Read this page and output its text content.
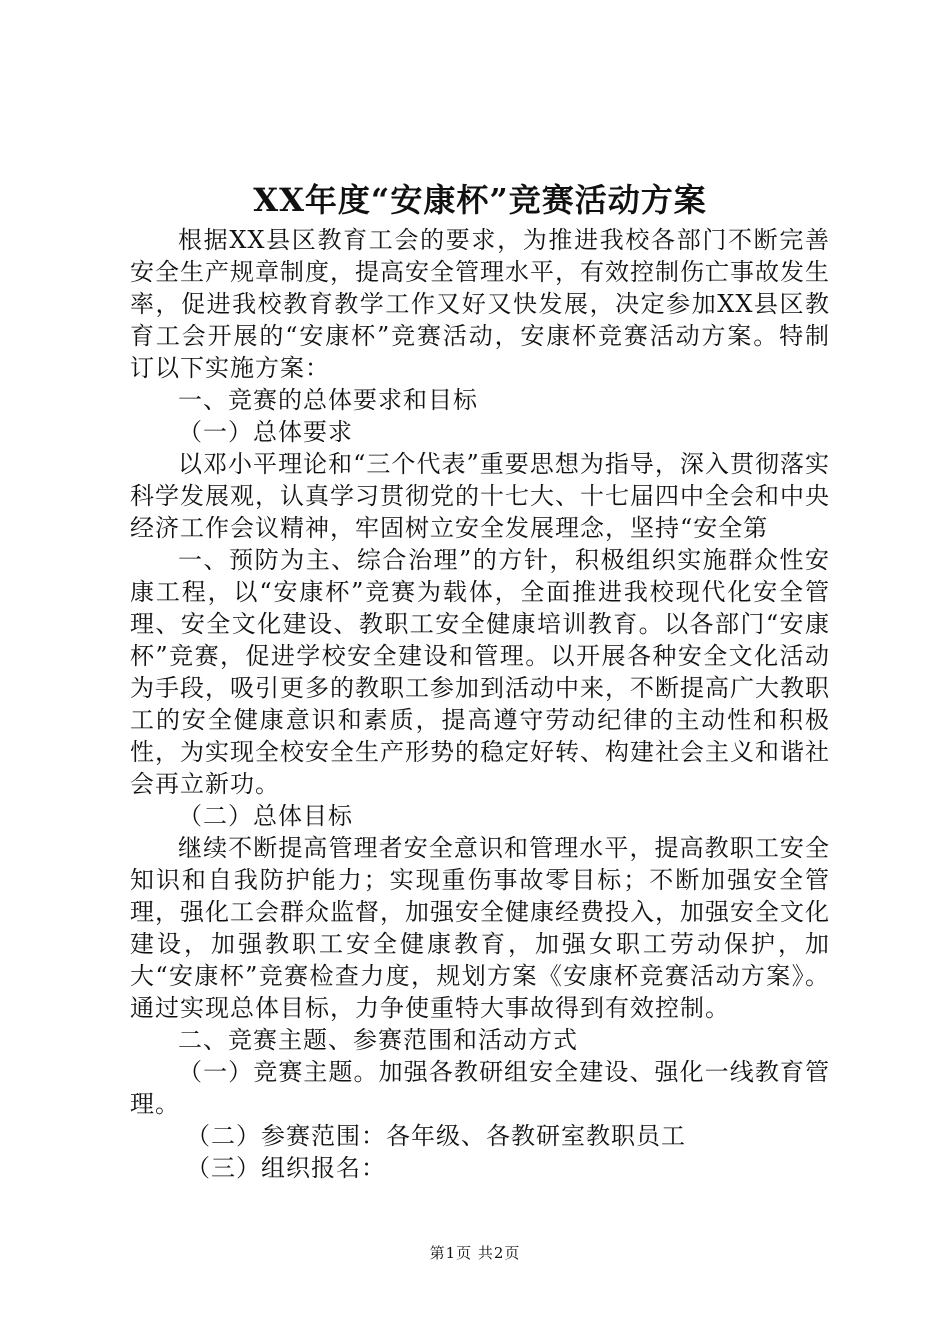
XX年度“安康杯”竞赛活动方案

根据XX县区教育工会的要求，为推进我校各部门不断完善安全生产规章制度，提高安全管理水平，有效控制伤亡事故发生率，促进我校教育教学工作又好又快发展，决定参加XX县区教育工会开展的“安康杯”竞赛活动，安康杯竞赛活动方案。特制订以下实施方案：

一、竞赛的总体要求和目标

（一）总体要求

以邓小平理论和“三个代表”重要思想为指导，深入贯彻落实科学发展观，认真学习贯彻党的十七大、十七届四中全会和中央经济工作会议精神，牢固树立安全发展理念，坚持“安全第

一、预防为主、综合治理”的方针，积极组织实施群众性安康工程，以“安康杯”竞赛为载体，全面推进我校现代化安全管理、安全文化建设、教职工安全健康培训教育。以各部门“安康杯”竞赛，促进学校安全建设和管理。以开展各种安全文化活动为手段，吸引更多的教职工参加到活动中来，不断提高广大教职工的安全健康意识和素质，提高遵守劳动纪律的主动性和积极性，为实现全校安全生产形势的稳定好转、构建社会主义和谐社会再立新功。

（二）总体目标

继续不断提高管理者安全意识和管理水平，提高教职工安全知识和自我防护能力；实现重伤事故零目标；不断加强安全管理，强化工会群众监督，加强安全健康经费投入，加强安全文化建设，加强教职工安全健康教育，加强女职工劳动保护，加大“安康杯”竞赛检查力度，规划方案《安康杯竞赛活动方案》。通过实现总体目标，力争使重特大事故得到有效控制。

二、竞赛主题、参赛范围和活动方式

（一）竞赛主题。加强各教研组安全建设、强化一线教育管理。

（二）参赛范围：各年级、各教研室教职员工

（三）组织报名：

第1页 共2页
